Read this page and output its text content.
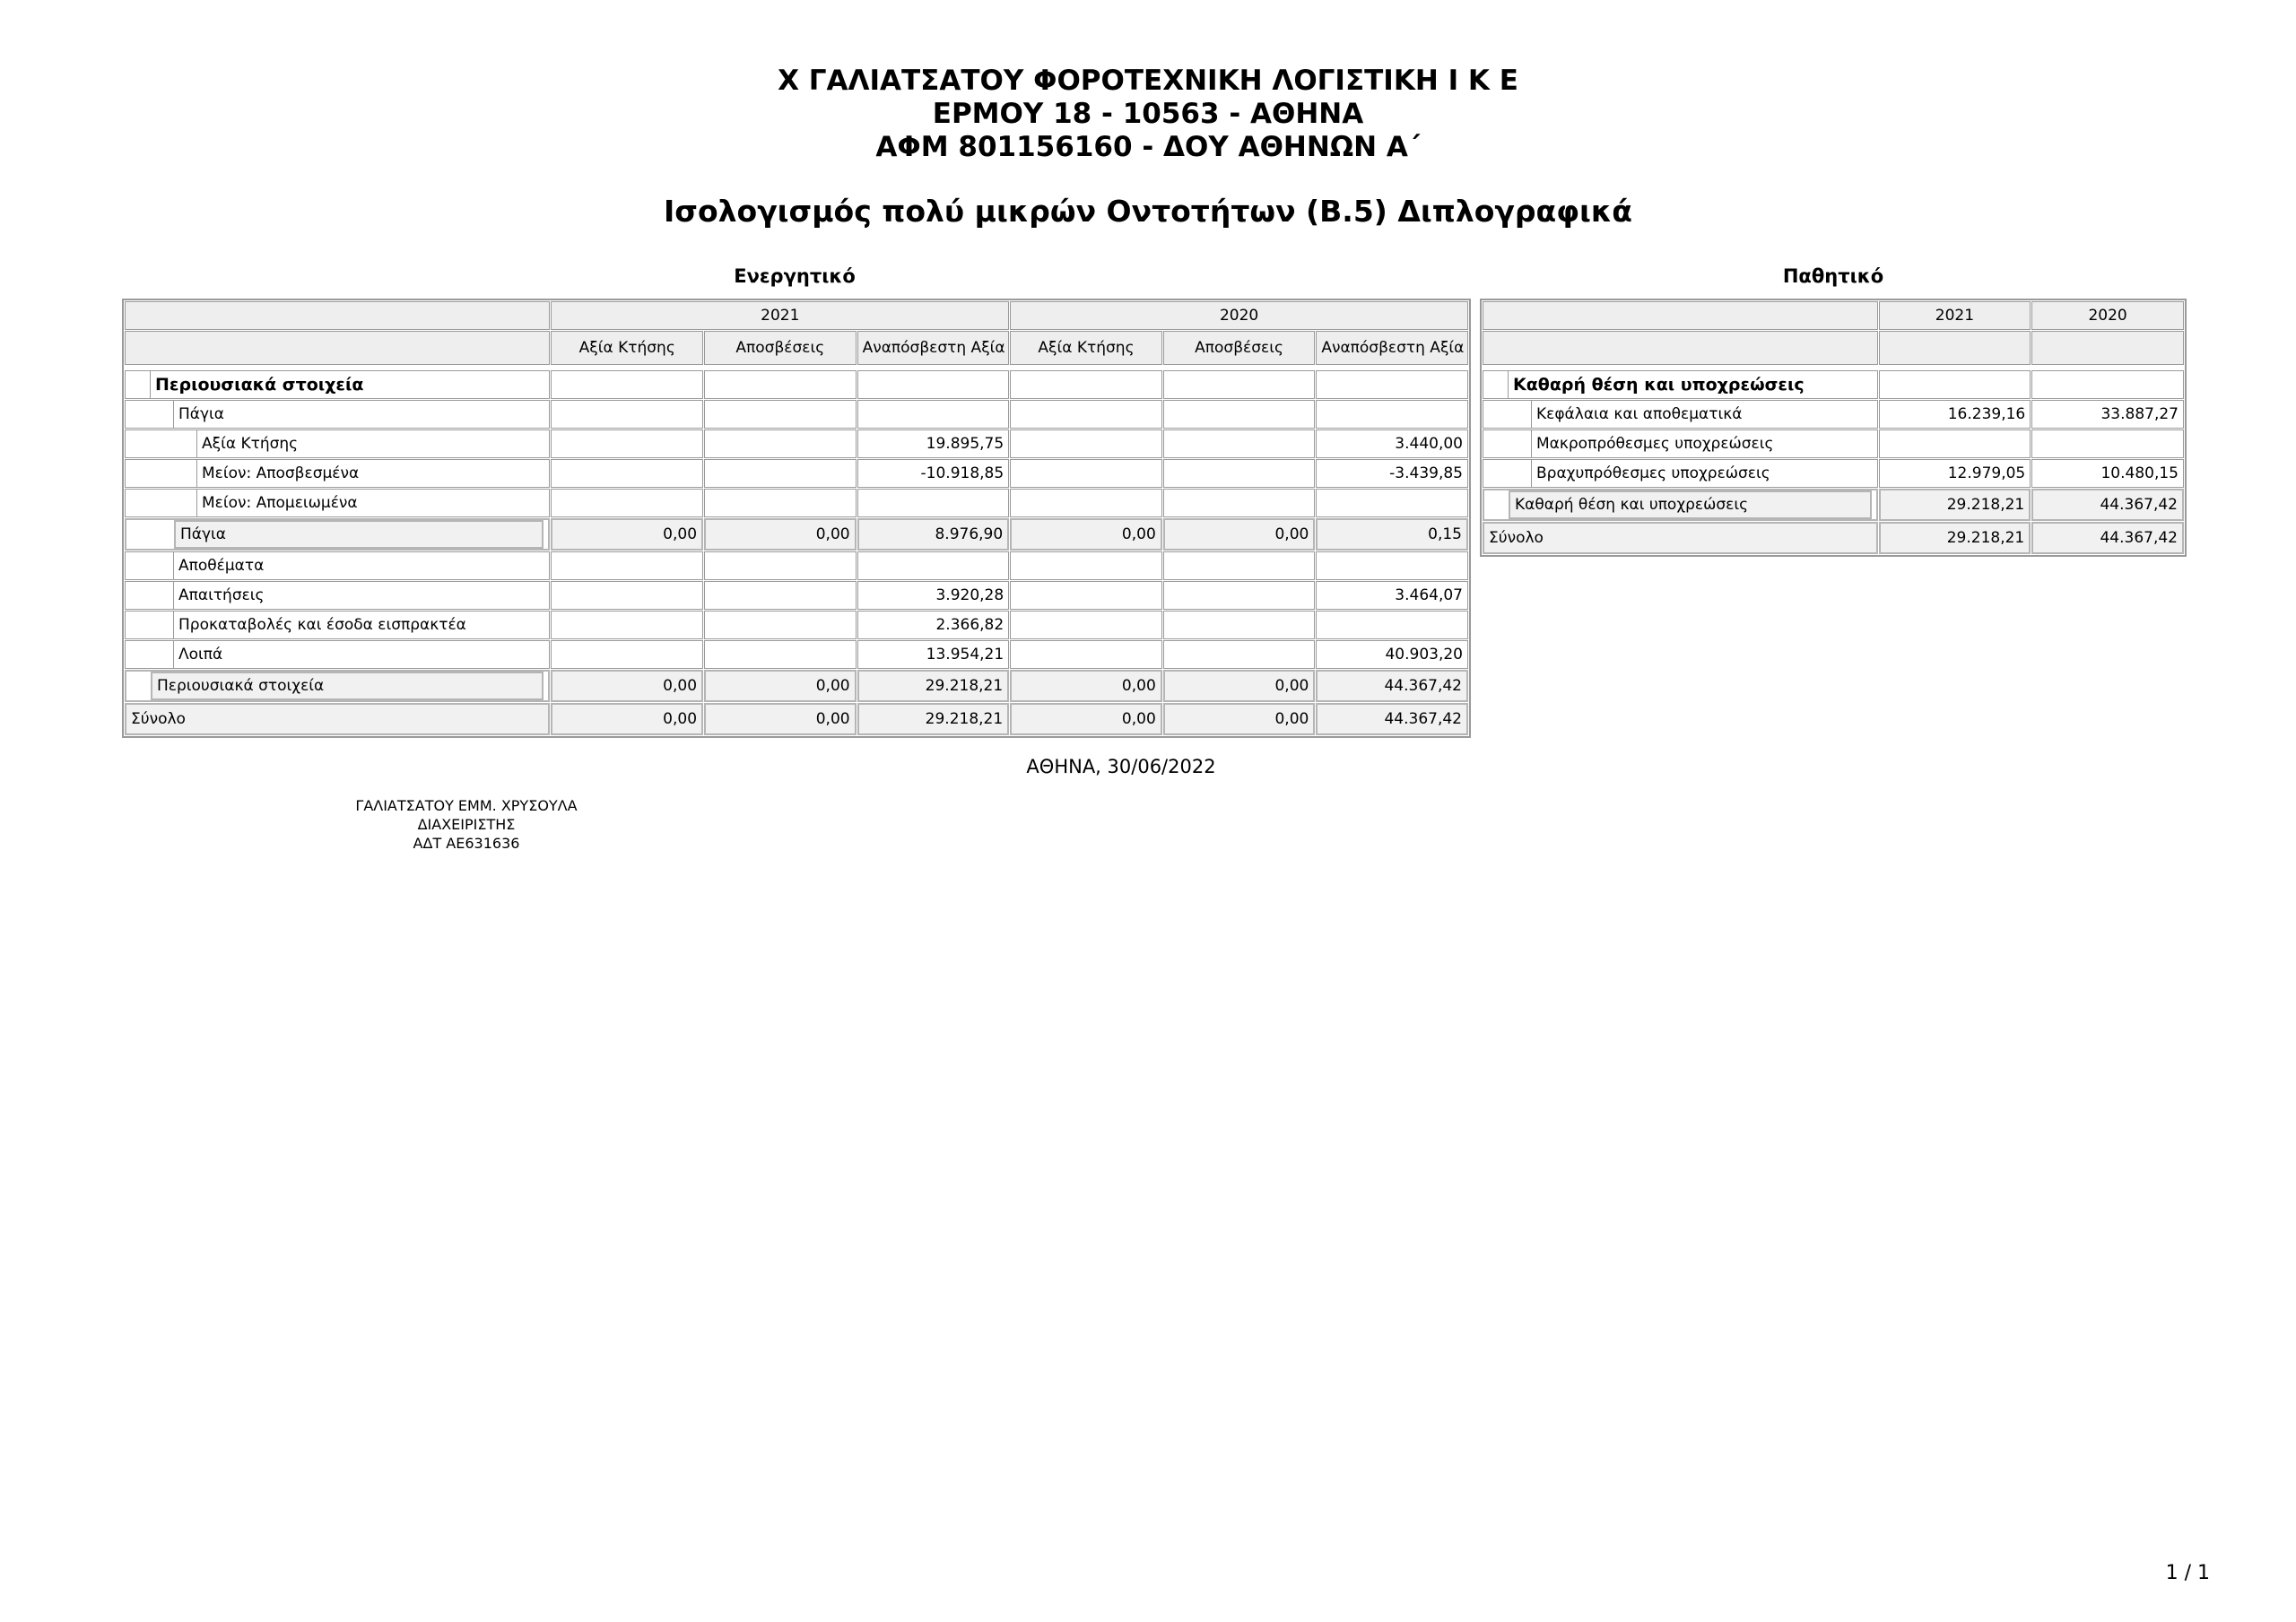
Χ ΓΑΛΙΑΤΣΑΤΟΥ ΦΟΡΟΤΕΧΝΙΚΗ ΛΟΓΙΣΤΙΚΗ Ι Κ Ε
ΕΡΜΟΥ 18 - 10563 - ΑΘΗΝΑ
ΑΦΜ 801156160 - ΔΟΥ ΑΘΗΝΩΝ Α΄
Ισολογισμός πολύ μικρών Οντοτήτων (Β.5) Διπλογραφικά
Ενεργητικό	Παθητικό
	2021			2020		
	Αξία Κτήσης	Αποσβέσεις	Αναπόσβεστη Αξία	Αξία Κτήσης	Αποσβέσεις	Αναπόσβεστη Αξία

Περιουσιακά στοιχεία						

Πάγια						

Αξία Κτήσης			19.895,75			3.440,00

Μείον: Αποσβεσμένα			-10.918,85			-3.439,85

Μείον: Απομειωμένα						

Πάγια	0,00	0,00	8.976,90	0,00	0,00	0,15

Αποθέματα						

Απαιτήσεις			3.920,28			3.464,07

Προκαταβολές και έσοδα εισπρακτέα			2.366,82			

Λοιπά			13.954,21			40.903,20

Περιουσιακά στοιχεία	0,00	0,00	29.218,21	0,00	0,00	44.367,42
Σύνολο	0,00	0,00	29.218,21	0,00	0,00	44.367,42
	2021	2020

Καθαρή θέση και υποχρεώσεις		

Κεφάλαια και αποθεματικά	16.239,16	33.887,27

Μακροπρόθεσμες υποχρεώσεις		

Βραχυπρόθεσμες υποχρεώσεις	12.979,05	10.480,15

Καθαρή θέση και υποχρεώσεις	29.218,21	44.367,42
Σύνολο	29.218,21	44.367,42
ΑΘΗΝΑ, 30/06/2022
ΓΑΛΙΑΤΣΑΤΟΥ ΕΜΜ. ΧΡΥΣΟΥΛΑ
ΔΙΑΧΕΙΡΙΣΤΗΣ
ΑΔΤ ΑΕ631636
1 / 1
